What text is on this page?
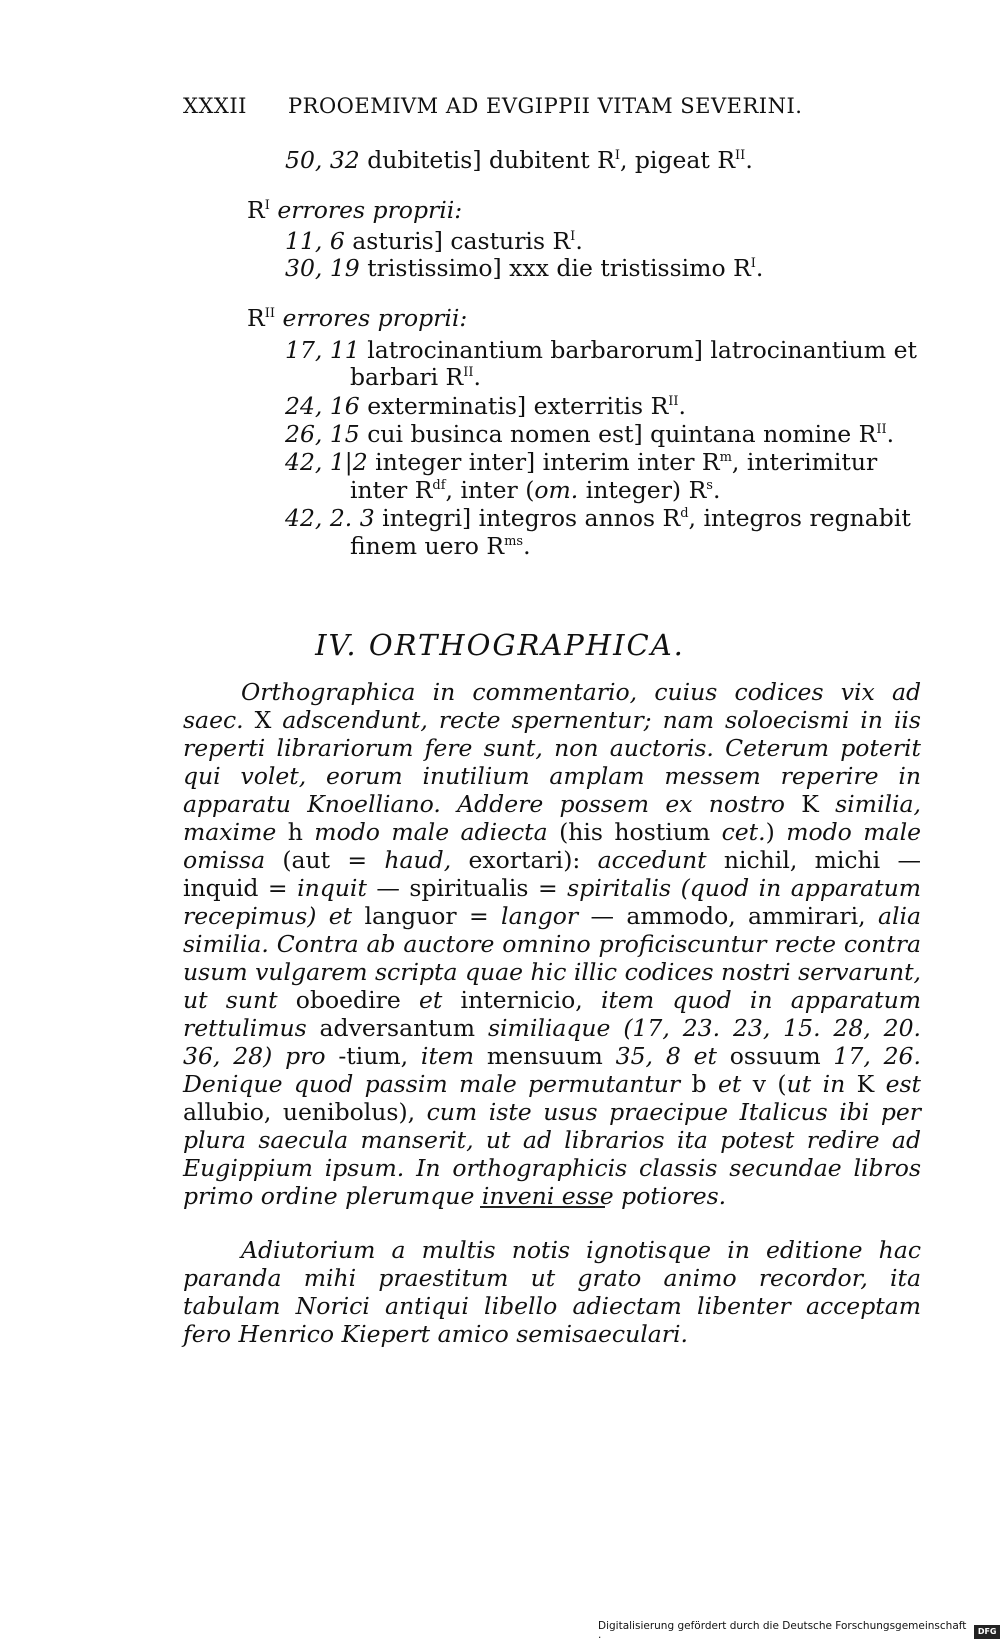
XXXII PROOEMIVM AD EVGIPPII VITAM SEVERINI.
50, 32 dubitetis] dubitent $R^I$, pigeat $R^{II}$.
$R^I$ errores proprii:
11, 6 asturis] casturis $R^I$.
30, 19 tristissimo] xxx die tristissimo $R^I$.
$R^{II}$ errores proprii:
17, 11 latrocinantium barbarorum] latrocinantium et
barbari $R^{II}$.
24, 16 exterminatis] exterritis $R^{II}$.
26, 15 cui businca nomen est] quintana nomine $R^{II}$.
42, 1|2 integer inter] interim inter $R^m$, interimitur
inter $R^{df}$, inter (om. integer) $R^s$.
42, 2. 3 integri] integros annos $R^d$, integros regnabit
finem uero $R^{ms}$.
IV. ORTHOGRAPHICA.
Orthographica in commentario, cuius codices vix ad saec. X adscendunt, recte spernentur; nam soloecismi in iis reperti librariorum fere sunt, non auctoris. Ceterum poterit qui volet, eorum inutilium amplam messem reperire in apparatu Knoelliano. Addere possem ex nostro K similia, maxime h modo male adiecta (his hostium cet.) modo male omissa (aut = haud, exortari): accedunt nichil, michi — inquid = inquit — spiritualis = spiritalis (quod in apparatum recepimus) et languor = langor — ammodo, ammirari, alia similia. Contra ab auctore omnino proficiscuntur recte contra usum vulgarem scripta quae hic illic codices nostri servarunt, ut sunt oboedire et internicio, item quod in apparatum rettulimus adversantum similiaque (17, 23. 23, 15. 28, 20. 36, 28) pro -tium, item mensuum 35, 8 et ossuum 17, 26. Denique quod passim male permutantur b et v (ut in K est allubio, uenibolus), cum iste usus praecipue Italicus ibi per plura saecula manserit, ut ad librarios ita potest redire ad Eugippium ipsum. In orthographicis classis secundae libros primo ordine plerumque inveni esse potiores.
Adiutorium a multis notis ignotisque in editione hac paranda mihi praestitum ut grato animo recordor, ita tabulam Norici antiqui libello adiectam libenter acceptam fero Henrico Kiepert amico semisaeculari.
Digitalisierung gefördert durch die Deutsche Forschungsgemeinschaft ·	DFG
